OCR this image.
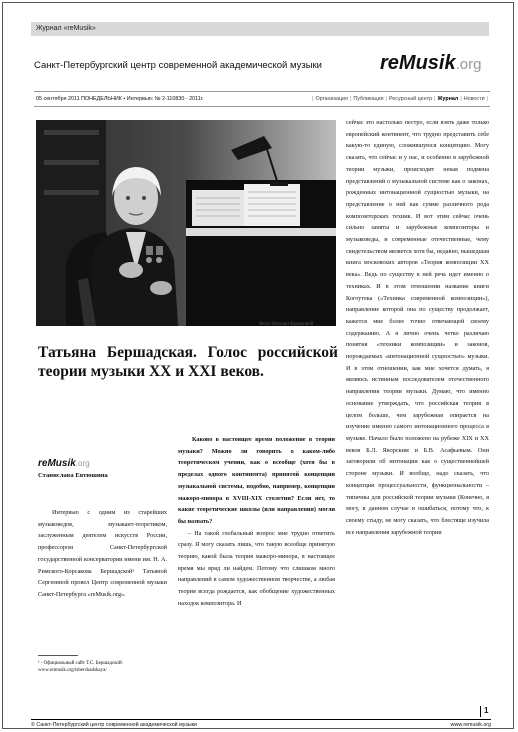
Журнал «reMusik»
Санкт-Петербургский центр современной академической музыки	reMusik.org
05 сентября 2011 ПОНЕДЕЛЬНИК • Интервью: № 2-110830 - 2011г.	| Организация | Публикация | Ресурсный центр | Журнал | Новости |
Фото Натальи Кравцовой
Татьяна Бершадская. Голос российской теории музыки XX и XXI веков.
reMusik.org
Станислава Евтюшина

Интервью с одним из старейших музыковедов, музыкант-теоретиком, заслуженным деятелем искусств России, профессором Санкт-Петербургской государственной консерватории имени им. Н. А. Римского-Корсакова Бершадской¹ Татьяной Сергеевной провел Центр современной музыки Санкт-Петербурга «reMusik.org».

¹ - Официальный сайт Т.С. Бершадской: www.remusik.org/tsbershadskaya/

Каково в настоящее время положение в теории музыки? Можно ли говорить о каком-либо теоретическом учении, как о всеобще (хотя бы в пределах одного континента) принятой концепции музыкальной системы, подобно, например, концепции мажоро-минора в XVIII-XIX столетии? Если нет, то какие теоретические школы (или направления) могли бы назвать?

– На такой глобальный вопрос мне трудно ответить сразу. Я могу сказать лишь, что такую всеобще принятую теорию, какой была теория мажоро-минора, в настоящее время мы вряд ли найдем. Потому что слишком много направлений в самом художественном творчестве, а любая теория всегда рождается, как обобщение художественных находок композитора. И

сейчас это настолько пестро, если взять даже только европейский континент, что трудно представить себе какую-то единую, сложившуюся концепцию. Могу сказать, что сейчас и у нас, и особенно в зарубежной теории музыки, происходит некая подмена представлений о музыкальной системе как о законах, рожденных интонационной сущностью музыки, на представление о ней как сумме различного рода композиторских техник. И вот этим сейчас очень сильно заняты и зарубежные композиторы и музыковеды, и современные отечественные, чему свидетельством является хотя бы, недавно, вышедшая книга московских авторов «Теория композиции XX века». Ведь по существу в ней речь идет именно о техниках. И в этом отношении название книги Когоутека («Техника современной композиции»), направление которой она по существу продолжает, кажется мне более точно отвечающей своему содержанию. А я лично очень четко различаю понятия «техники композиции» и законов, порождаемых «интонационной сущностью» музыки. И в этом отношении, как мне хочется думать, я являюсь истинным последователем отечественного направления теории музыки. Думаю, что именно основание утверждать, что российская теория в целом больше, чем зарубежная опирается на изучение именно самого интонационного процесса в музыке. Начало было положено на рубеже XIX и XX веков Б.Л. Яворским и Б.В. Асафьевым. Они заговорили об интонации как о существеннейшей стороне музыки. И вообще, надо сказать, что концепции процессуальности, функциональности – типичны для российской теории музыки (Конечно, я могу, в данном случае и ошибаться, потому что, к своему стыду, не могу сказать, что блестяще изучила все направления зарубежной теории

1
© Санкт-Петербургский центр современной академической музыки	www.remusik.org
